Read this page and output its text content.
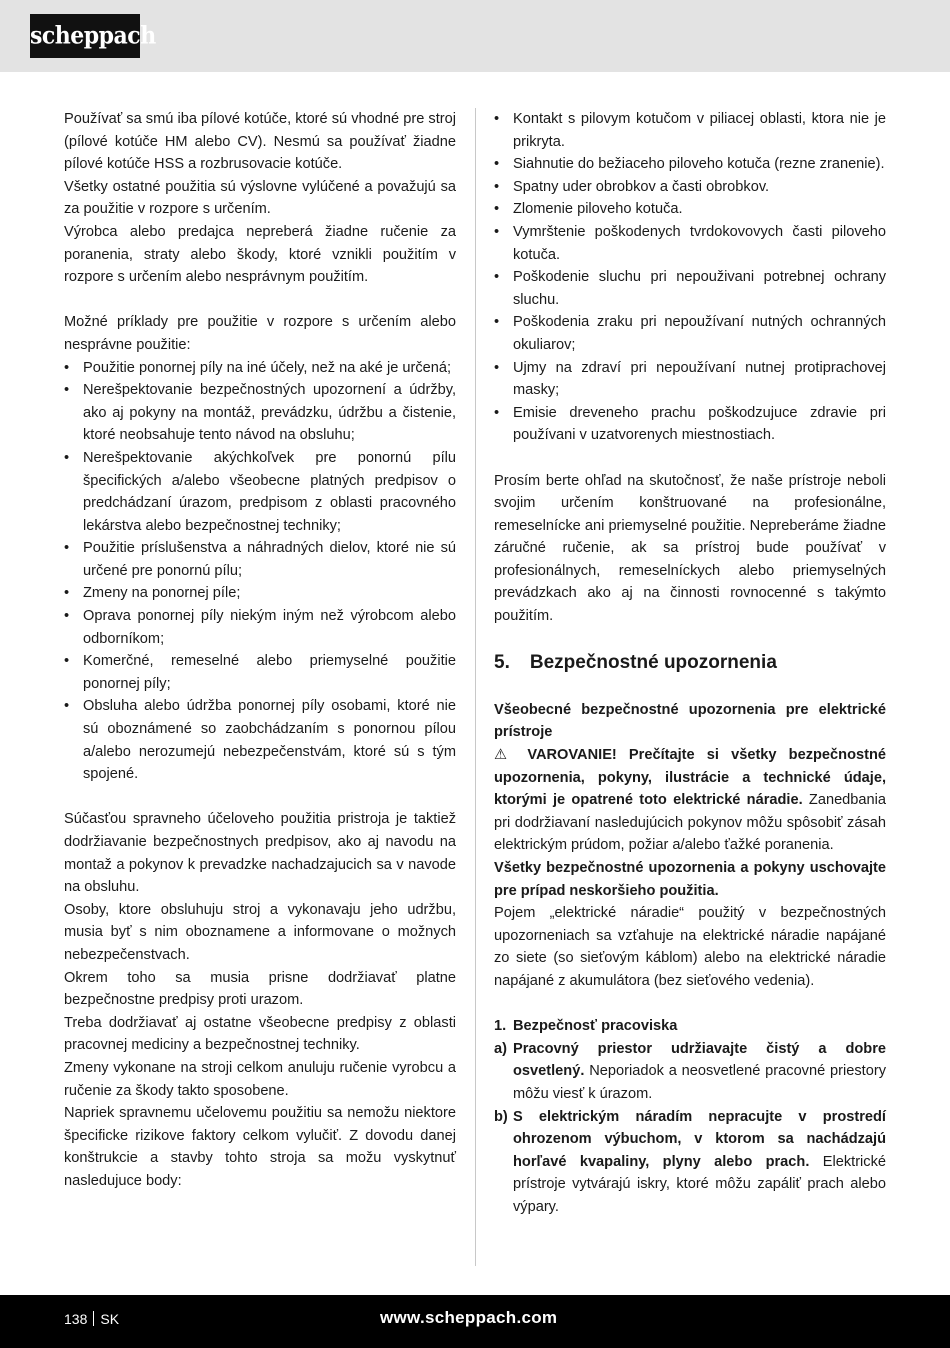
scheppach

Používať sa smú iba pílové kotúče, ktoré sú vhodné pre stroj (pílové kotúče HM alebo CV). Nesmú sa používať žiadne pílové kotúče HSS a rozbrusovacie kotúče.

Všetky ostatné použitia sú výslovne vylúčené a považujú sa za použitie v rozpore s určením.

Výrobca alebo predajca nepreberá žiadne ručenie za poranenia, straty alebo škody, ktoré vznikli použitím v rozpore s určením alebo nesprávnym použitím.

Možné príklady pre použitie v rozpore s určením alebo nesprávne použitie:

• Použitie ponornej píly na iné účely, než na aké je určená;
• Nerešpektovanie bezpečnostných upozornení a údržby, ako aj pokyny na montáž, prevádzku, údržbu a čistenie, ktoré neobsahuje tento návod na obsluhu;
• Nerešpektovanie akýchkoľvek pre ponornú pílu špecifických a/alebo všeobecne platných predpisov o predchádzaní úrazom, predpisom z oblasti pracovného lekárstva alebo bezpečnostnej techniky;
• Použitie príslušenstva a náhradných dielov, ktoré nie sú určené pre ponornú pílu;
• Zmeny na ponornej píle;
• Oprava ponornej píly niekým iným než výrobcom alebo odborníkom;
• Komerčné, remeselné alebo priemyselné použitie ponornej píly;
• Obsluha alebo údržba ponornej píly osobami, ktoré nie sú oboznámené so zaobchádzaním s ponornou pílou a/alebo nerozumejú nebezpečenstvám, ktoré sú s tým spojené.

Súčasťou spravneho účeloveho použitia pristroja je taktiež dodržiavanie bezpečnostnych predpisov, ako aj navodu na montaž a pokynov k prevadzke nachadzajucich sa v navode na obsluhu.

Osoby, ktore obsluhuju stroj a vykonavaju jeho udržbu, musia byť s nim oboznamene a informovane o možnych nebezpečenstvach.

Okrem toho sa musia prisne dodržiavať platne bezpečnostne predpisy proti urazom.

Treba dodržiavať aj ostatne všeobecne predpisy z oblasti pracovnej mediciny a bezpečnostnej techniky.

Zmeny vykonane na stroji celkom anuluju ručenie vyrobcu a ručenie za škody takto sposobene.

Napriek spravnemu učelovemu použitiu sa nemožu niektore špecificke rizikove faktory celkom vylučiť. Z dovodu danej konštrukcie a stavby tohto stroja sa možu vyskytnuť nasledujuce body:

• Kontakt s pilovym kotučom v piliacej oblasti, ktora nie je prikryta.
• Siahnutie do bežiaceho piloveho kotuča (rezne zranenie).
• Spatny uder obrobkov a časti obrobkov.
• Zlomenie piloveho kotuča.
• Vymrštenie poškodenych tvrdokovovych časti piloveho kotuča.
• Poškodenie sluchu pri nepouživani potrebnej ochrany sluchu.
• Poškodenia zraku pri nepoužívaní nutných ochranných okuliarov;
• Ujmy na zdraví pri nepoužívaní nutnej protiprachovej masky;
• Emisie dreveneho prachu poškodzujuce zdravie pri používani v uzatvorenych miestnostiach.

Prosím berte ohľad na skutočnosť, že naše prístroje neboli svojim určením konštruované na profesionálne, remeselnícke ani priemyselné použitie. Nepreberáme žiadne záručné ručenie, ak sa prístroj bude používať v profesionálnych, remeselníckych alebo priemyselných prevádzkach ako aj na činnosti rovnocenné s takýmto použitím.

5. Bezpečnostné upozornenia

Všeobecné bezpečnostné upozornenia pre elektrické prístroje

⚠ VAROVANIE! Prečítajte si všetky bezpečnostné upozornenia, pokyny, ilustrácie a technické údaje, ktorými je opatrené toto elektrické náradie. Zanedbania pri dodržiavaní nasledujúcich pokynov môžu spôsobiť zásah elektrickým prúdom, požiar a/alebo ťažké poranenia.

Všetky bezpečnostné upozornenia a pokyny uschovajte pre prípad neskoršieho použitia.

Pojem „elektrické náradie“ použitý v bezpečnostných upozorneniach sa vzťahuje na elektrické náradie napájané zo siete (so sieťovým káblom) alebo na elektrické náradie napájané z akumulátora (bez sieťového vedenia).

1. Bezpečnosť pracoviska
a) Pracovný priestor udržiavajte čistý a dobre osvetlený. Neporiadok a neosvetlené pracovné priestory môžu viesť k úrazom.
b) S elektrickým náradím nepracujte v prostredí ohrozenom výbuchom, v ktorom sa nachádzajú horľavé kvapaliny, plyny alebo prach. Elektrické prístroje vytvárajú iskry, ktoré môžu zapáliť prach alebo výpary.
138 SK	www.scheppach.com
